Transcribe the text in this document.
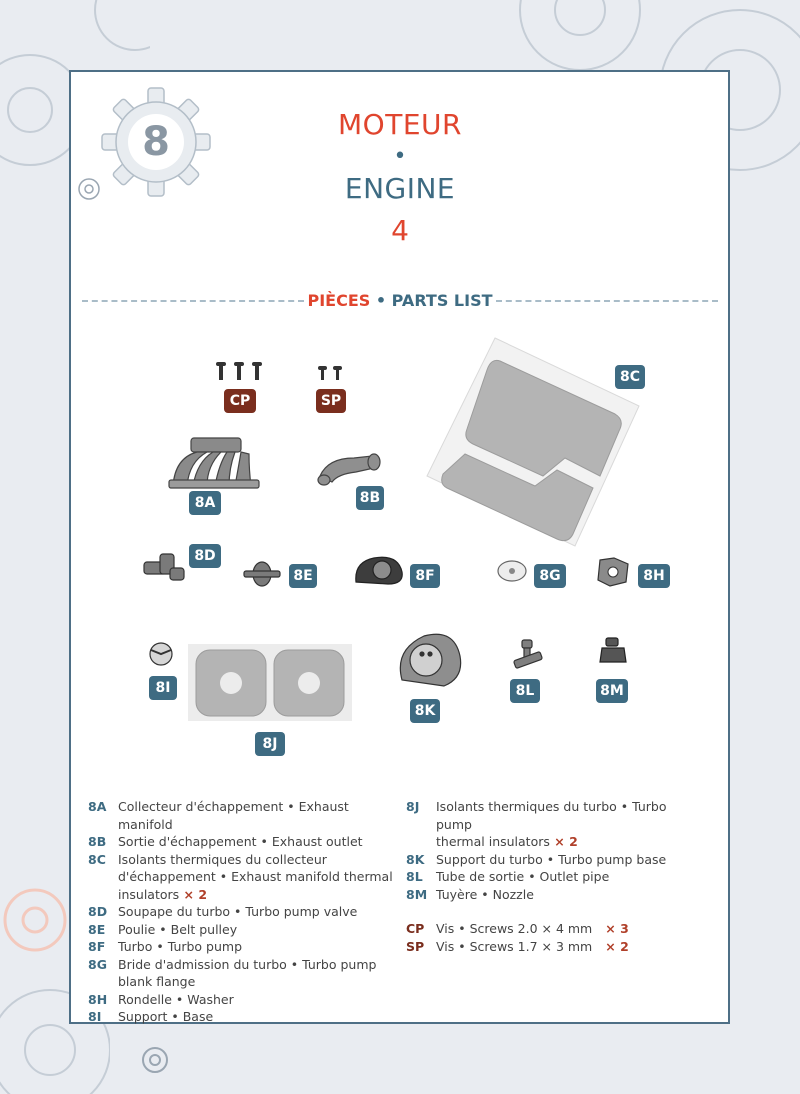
8	MOTEUR
•
ENGINE
4
PIÈCES • PARTS LIST
CP	SP
8C
8A	8B
8D
8E	8F	8G	8H
8I
8J
8K
8L	8M
8A Collecteur d'échappement • Exhaust manifold
8B Sortie d'échappement • Exhaust outlet
8C Isolants thermiques du collecteur
d'échappement • Exhaust manifold thermal
insulators × 2
8D Soupape du turbo • Turbo pump valve
8E	Poulie • Belt pulley
8F	Turbo • Turbo pump
8G Bride d'admission du turbo • Turbo pump
blank flange
8H Rondelle • Washer
8I	Support • Base
8J	Isolants thermiques du turbo • Turbo pump
thermal insulators × 2
8K Support du turbo • Turbo pump base
8L	Tube de sortie • Outlet pipe
8M Tuyère • Nozzle
CP Vis • Screws 2.0 × 4 mm × 3
SP Vis • Screws 1.7 × 3 mm × 2
